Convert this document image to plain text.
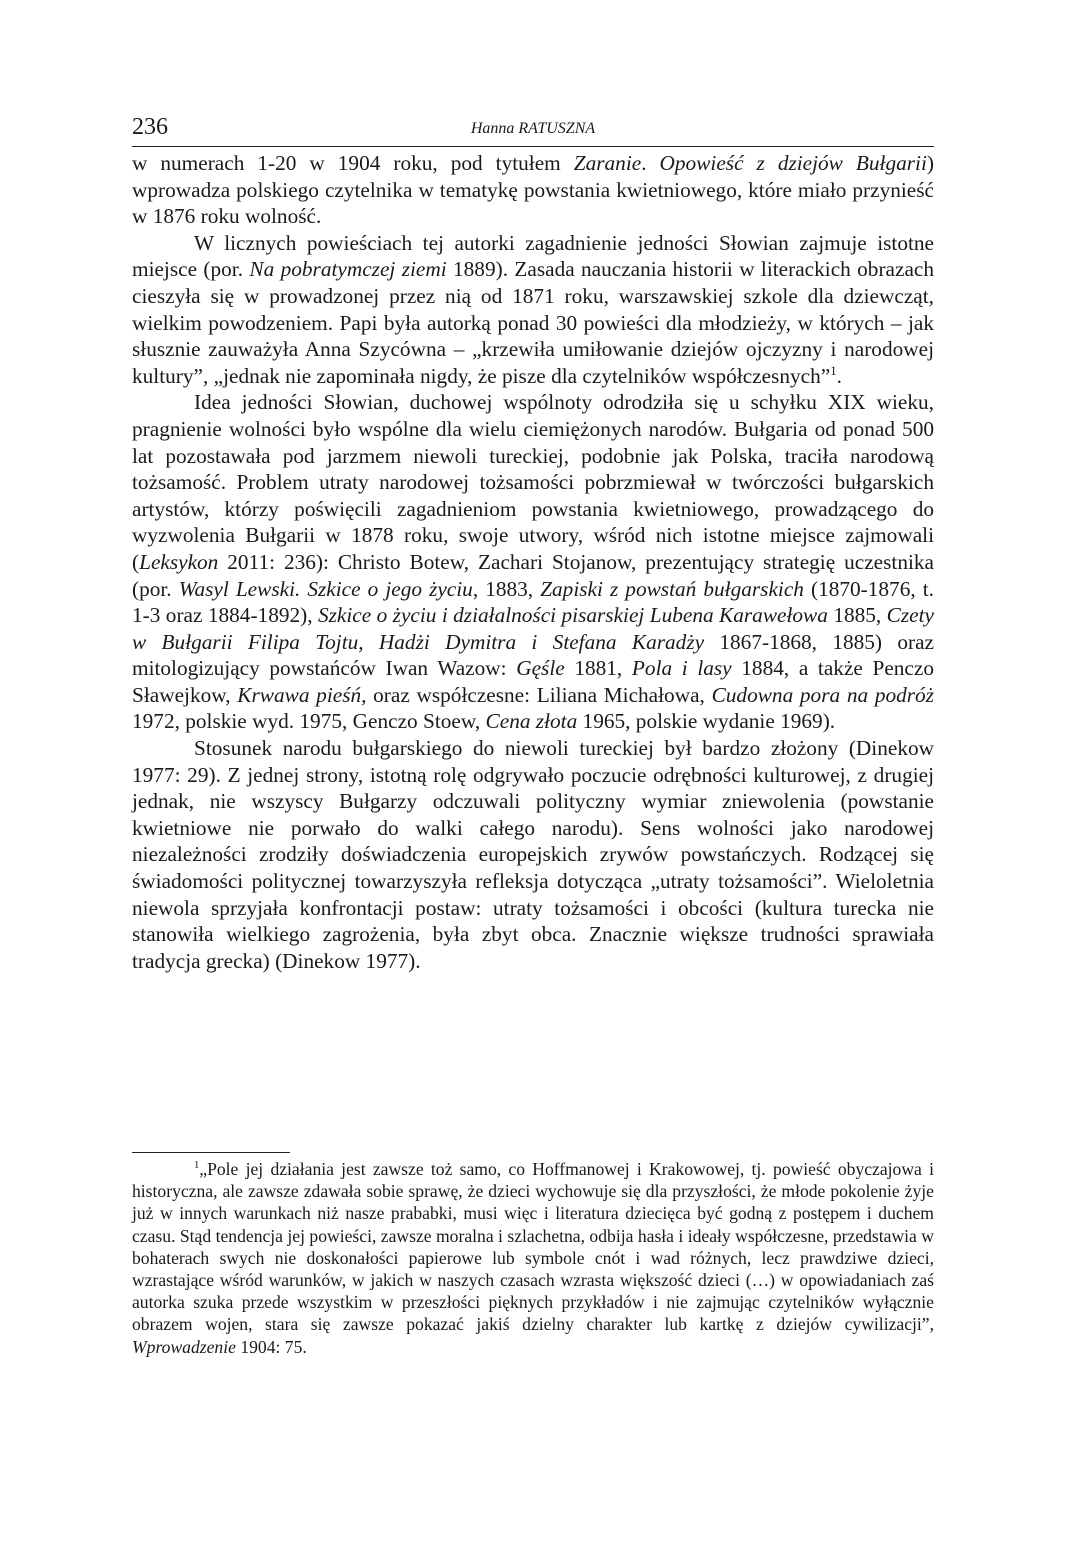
236	Hanna RATUSZNA

w numerach 1-20 w 1904 roku, pod tytułem Zaranie. Opowieść z dziejów Bułgarii) wprowadza polskiego czytelnika w tematykę powstania kwietniowego, które miało przynieść w 1876 roku wolność.

W licznych powieściach tej autorki zagadnienie jedności Słowian zajmuje istotne miejsce (por. Na pobratymczej ziemi 1889). Zasada nauczania historii w literackich obrazach cieszyła się w prowadzonej przez nią od 1871 roku, warszawskiej szkole dla dziewcząt, wielkim powodzeniem. Papi była autorką ponad 30 powieści dla młodzieży, w których – jak słusznie zauważyła Anna Szycówna – „krzewiła umiłowanie dziejów ojczyzny i narodowej kultury”, „jednak nie zapominała nigdy, że pisze dla czytelników współczesnych”$^1$.

Idea jedności Słowian, duchowej wspólnoty odrodziła się u schyłku XIX wieku, pragnienie wolności było wspólne dla wielu ciemiężonych narodów. Bułgaria od ponad 500 lat pozostawała pod jarzmem niewoli tureckiej, podobnie jak Polska, traciła narodową tożsamość. Problem utraty narodowej tożsamości pobrzmiewał w twórczości bułgarskich artystów, którzy poświęcili zagadnieniom powstania kwietniowego, prowadzącego do wyzwolenia Bułgarii w 1878 roku, swoje utwory, wśród nich istotne miejsce zajmowali (Leksykon 2011: 236): Christo Botew, Zachari Stojanow, prezentujący strategię uczestnika (por. Wasyl Lewski. Szkice o jego życiu, 1883, Zapiski z powstań bułgarskich (1870-1876, t. 1-3 oraz 1884-1892), Szkice o życiu i działalności pisarskiej Lubena Karawełowa 1885, Czety w Bułgarii Filipa Tojtu, Hadżi Dymitra i Stefana Karadży 1867-1868, 1885) oraz mitologizujący powstańców Iwan Wazow: Gęśle 1881, Pola i lasy 1884, a także Penczo Sławejkow, Krwawa pieśń, oraz współczesne: Liliana Michałowa, Cudowna pora na podróż 1972, polskie wyd. 1975, Genczo Stoew, Cena złota 1965, polskie wydanie 1969).

Stosunek narodu bułgarskiego do niewoli tureckiej był bardzo złożony (Dinekow 1977: 29). Z jednej strony, istotną rolę odgrywało poczucie odrębności kulturowej, z drugiej jednak, nie wszyscy Bułgarzy odczuwali polityczny wymiar zniewolenia (powstanie kwietniowe nie porwało do walki całego narodu). Sens wolności jako narodowej niezależności zrodziły doświadczenia europejskich zrywów powstańczych. Rodzącej się świadomości politycznej towarzyszyła refleksja dotycząca „utraty tożsamości”. Wieloletnia niewola sprzyjała konfrontacji postaw: utraty tożsamości i obcości (kultura turecka nie stanowiła wielkiego zagrożenia, była zbyt obca. Znacznie większe trudności sprawiała tradycja grecka) (Dinekow 1977).

$^1$„Pole jej działania jest zawsze toż samo, co Hoffmanowej i Krakowowej, tj. powieść obyczajowa i historyczna, ale zawsze zdawała sobie sprawę, że dzieci wychowuje się dla przyszłości, że młode pokolenie żyje już w innych warunkach niż nasze prababki, musi więc i literatura dziecięca być godną z postępem i duchem czasu. Stąd tendencja jej powieści, zawsze moralna i szlachetna, odbija hasła i ideały współczesne, przedstawia w bohaterach swych nie doskonałości papierowe lub symbole cnót i wad różnych, lecz prawdziwe dzieci, wzrastające wśród warunków, w jakich w naszych czasach wzrasta większość dzieci (…) w opowiadaniach zaś autorka szuka przede wszystkim w przeszłości pięknych przykładów i nie zajmując czytelników wyłącznie obrazem wojen, stara się zawsze pokazać jakiś dzielny charakter lub kartkę z dziejów cywilizacji”, Wprowadzenie 1904: 75.
